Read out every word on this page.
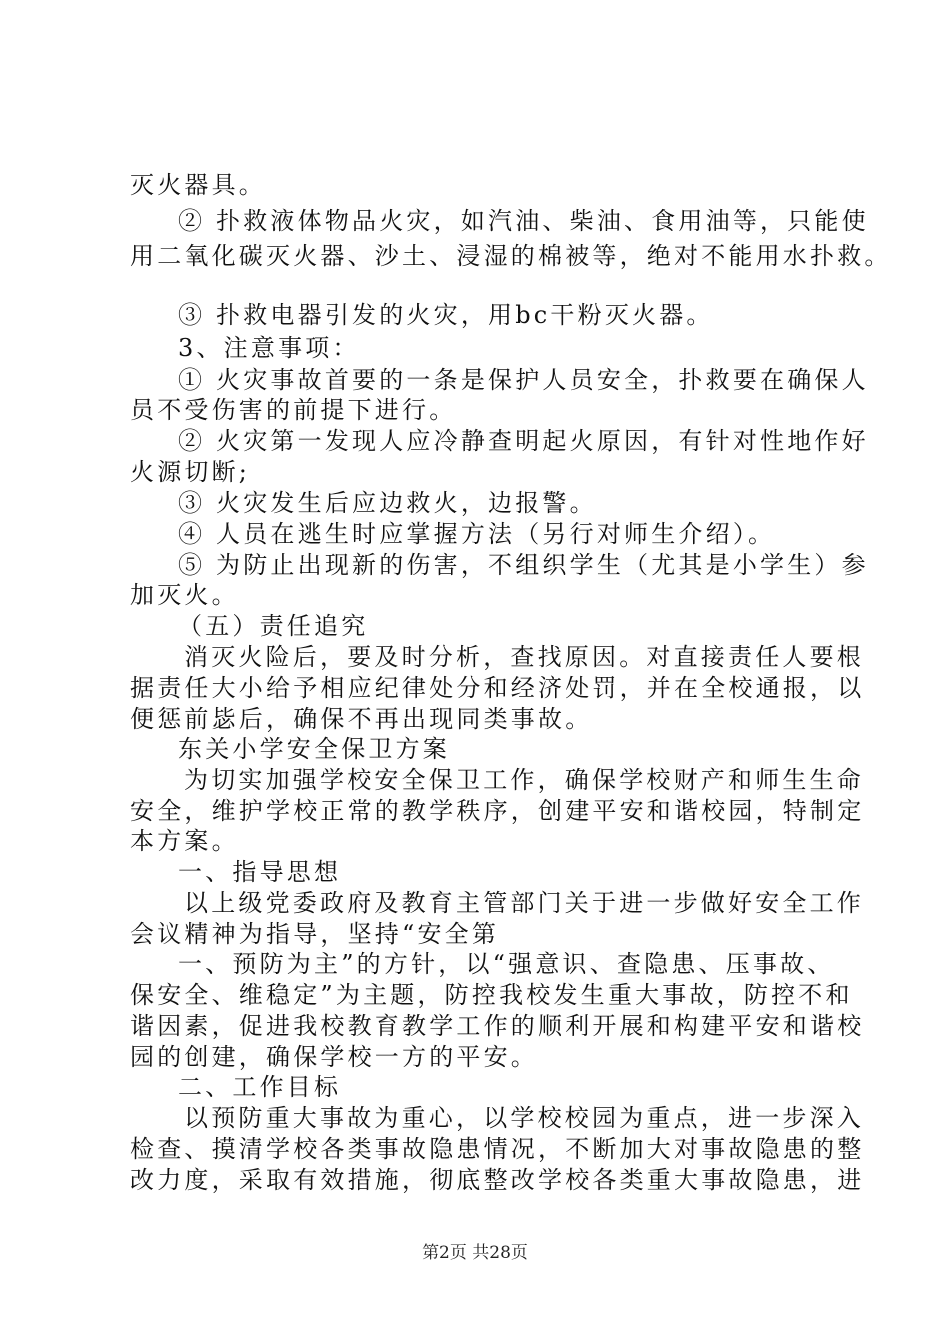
灭火器具。
② 扑救液体物品火灾，如汽油、柴油、食用油等，只能使
用二氧化碳灭火器、沙土、浸湿的棉被等，绝对不能用水扑救。
③ 扑救电器引发的火灾，用bc干粉灭火器。
3、注意事项：
① 火灾事故首要的一条是保护人员安全，扑救要在确保人
员不受伤害的前提下进行。
② 火灾第一发现人应冷静查明起火原因，有针对性地作好
火源切断;
③ 火灾发生后应边救火，边报警。
④ 人员在逃生时应掌握方法（另行对师生介绍）。
⑤ 为防止出现新的伤害，不组织学生（尤其是小学生）参
加灭火。
（五）责任追究
消灭火险后，要及时分析，查找原因。对直接责任人要根
据责任大小给予相应纪律处分和经济处罚，并在全校通报，以
便惩前毖后，确保不再出现同类事故。
东关小学安全保卫方案
为切实加强学校安全保卫工作，确保学校财产和师生生命
安全，维护学校正常的教学秩序，创建平安和谐校园，特制定
本方案。
一、指导思想
以上级党委政府及教育主管部门关于进一步做好安全工作
会议精神为指导，坚持“安全第
一、预防为主”的方针，以“强意识、查隐患、压事故、
保安全、维稳定”为主题，防控我校发生重大事故，防控不和
谐因素，促进我校教育教学工作的顺利开展和构建平安和谐校
园的创建，确保学校一方的平安。
二、工作目标
以预防重大事故为重心，以学校校园为重点，进一步深入
检查、摸清学校各类事故隐患情况，不断加大对事故隐患的整
改力度，采取有效措施，彻底整改学校各类重大事故隐患，进
第2页 共28页
